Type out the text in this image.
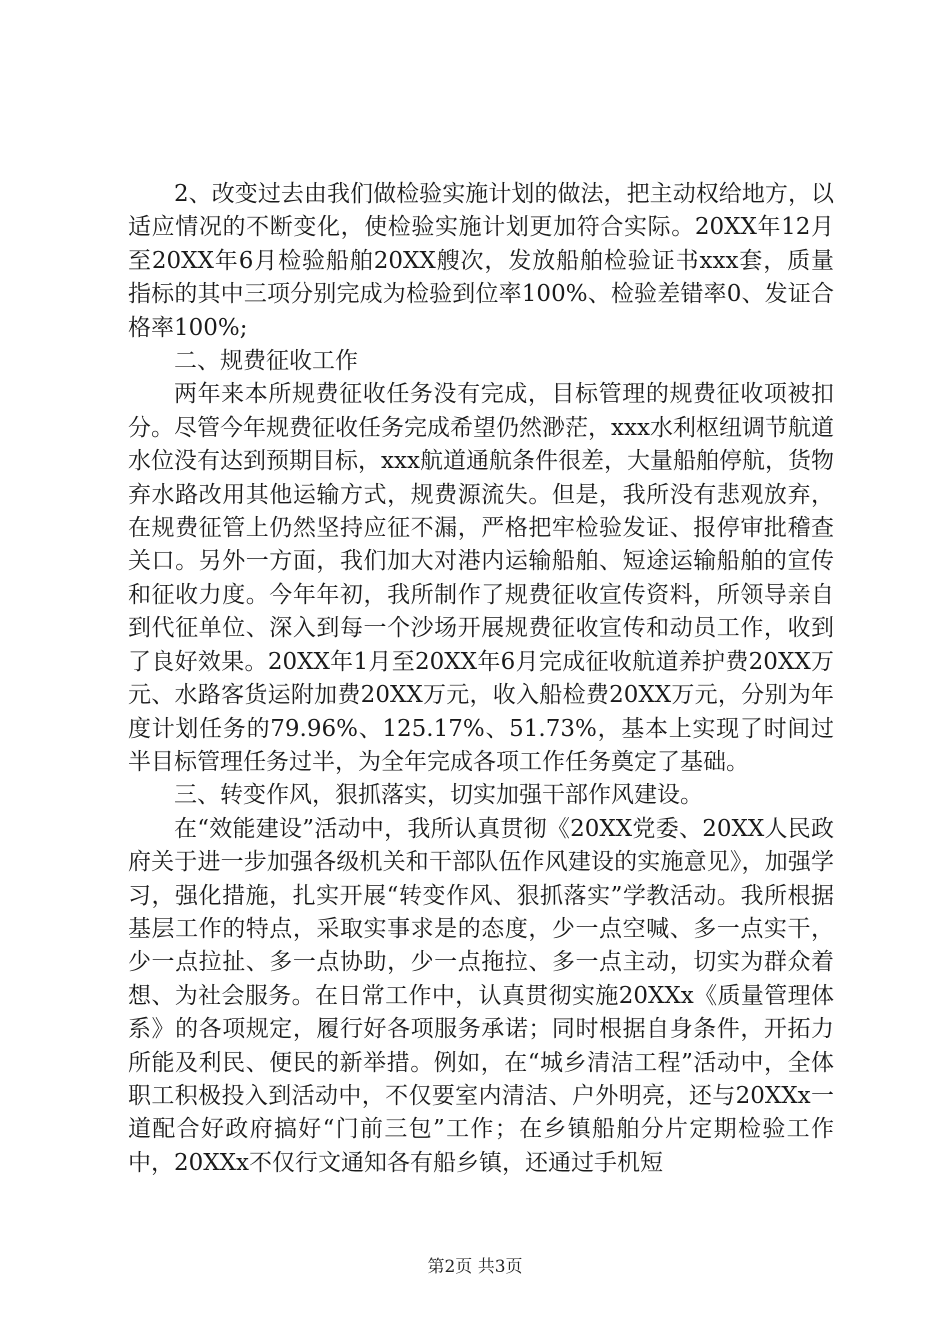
2、改变过去由我们做检验实施计划的做法，把主动权给地方，以适应情况的不断变化，使检验实施计划更加符合实际。20XX年12月至20XX年6月检验船舶20XX艘次，发放船舶检验证书xxx套，质量指标的其中三项分别完成为检验到位率100%、检验差错率0、发证合格率100%;

二、规费征收工作

两年来本所规费征收任务没有完成，目标管理的规费征收项被扣分。尽管今年规费征收任务完成希望仍然渺茫，xxx水利枢纽调节航道水位没有达到预期目标，xxx航道通航条件很差，大量船舶停航，货物弃水路改用其他运输方式，规费源流失。但是，我所没有悲观放弃，在规费征管上仍然坚持应征不漏，严格把牢检验发证、报停审批稽查关口。另外一方面，我们加大对港内运输船舶、短途运输船舶的宣传和征收力度。今年年初，我所制作了规费征收宣传资料，所领导亲自到代征单位、深入到每一个沙场开展规费征收宣传和动员工作，收到了良好效果。20XX年1月至20XX年6月完成征收航道养护费20XX万元、水路客货运附加费20XX万元，收入船检费20XX万元，分别为年度计划任务的79.96%、125.17%、51.73%，基本上实现了时间过半目标管理任务过半，为全年完成各项工作任务奠定了基础。

三、转变作风，狠抓落实，切实加强干部作风建设。

在“效能建设”活动中，我所认真贯彻《20XX党委、20XX人民政府关于进一步加强各级机关和干部队伍作风建设的实施意见》，加强学习，强化措施，扎实开展“转变作风、狠抓落实”学教活动。我所根据基层工作的特点，采取实事求是的态度，少一点空喊、多一点实干，少一点拉扯、多一点协助，少一点拖拉、多一点主动，切实为群众着想、为社会服务。在日常工作中，认真贯彻实施20XXx《质量管理体系》的各项规定，履行好各项服务承诺；同时根据自身条件，开拓力所能及利民、便民的新举措。例如，在“城乡清洁工程”活动中，全体职工积极投入到活动中，不仅要室内清洁、户外明亮，还与20XXx一道配合好政府搞好“门前三包”工作；在乡镇船舶分片定期检验工作中，20XXx不仅行文通知各有船乡镇，还通过手机短

第2页 共3页
